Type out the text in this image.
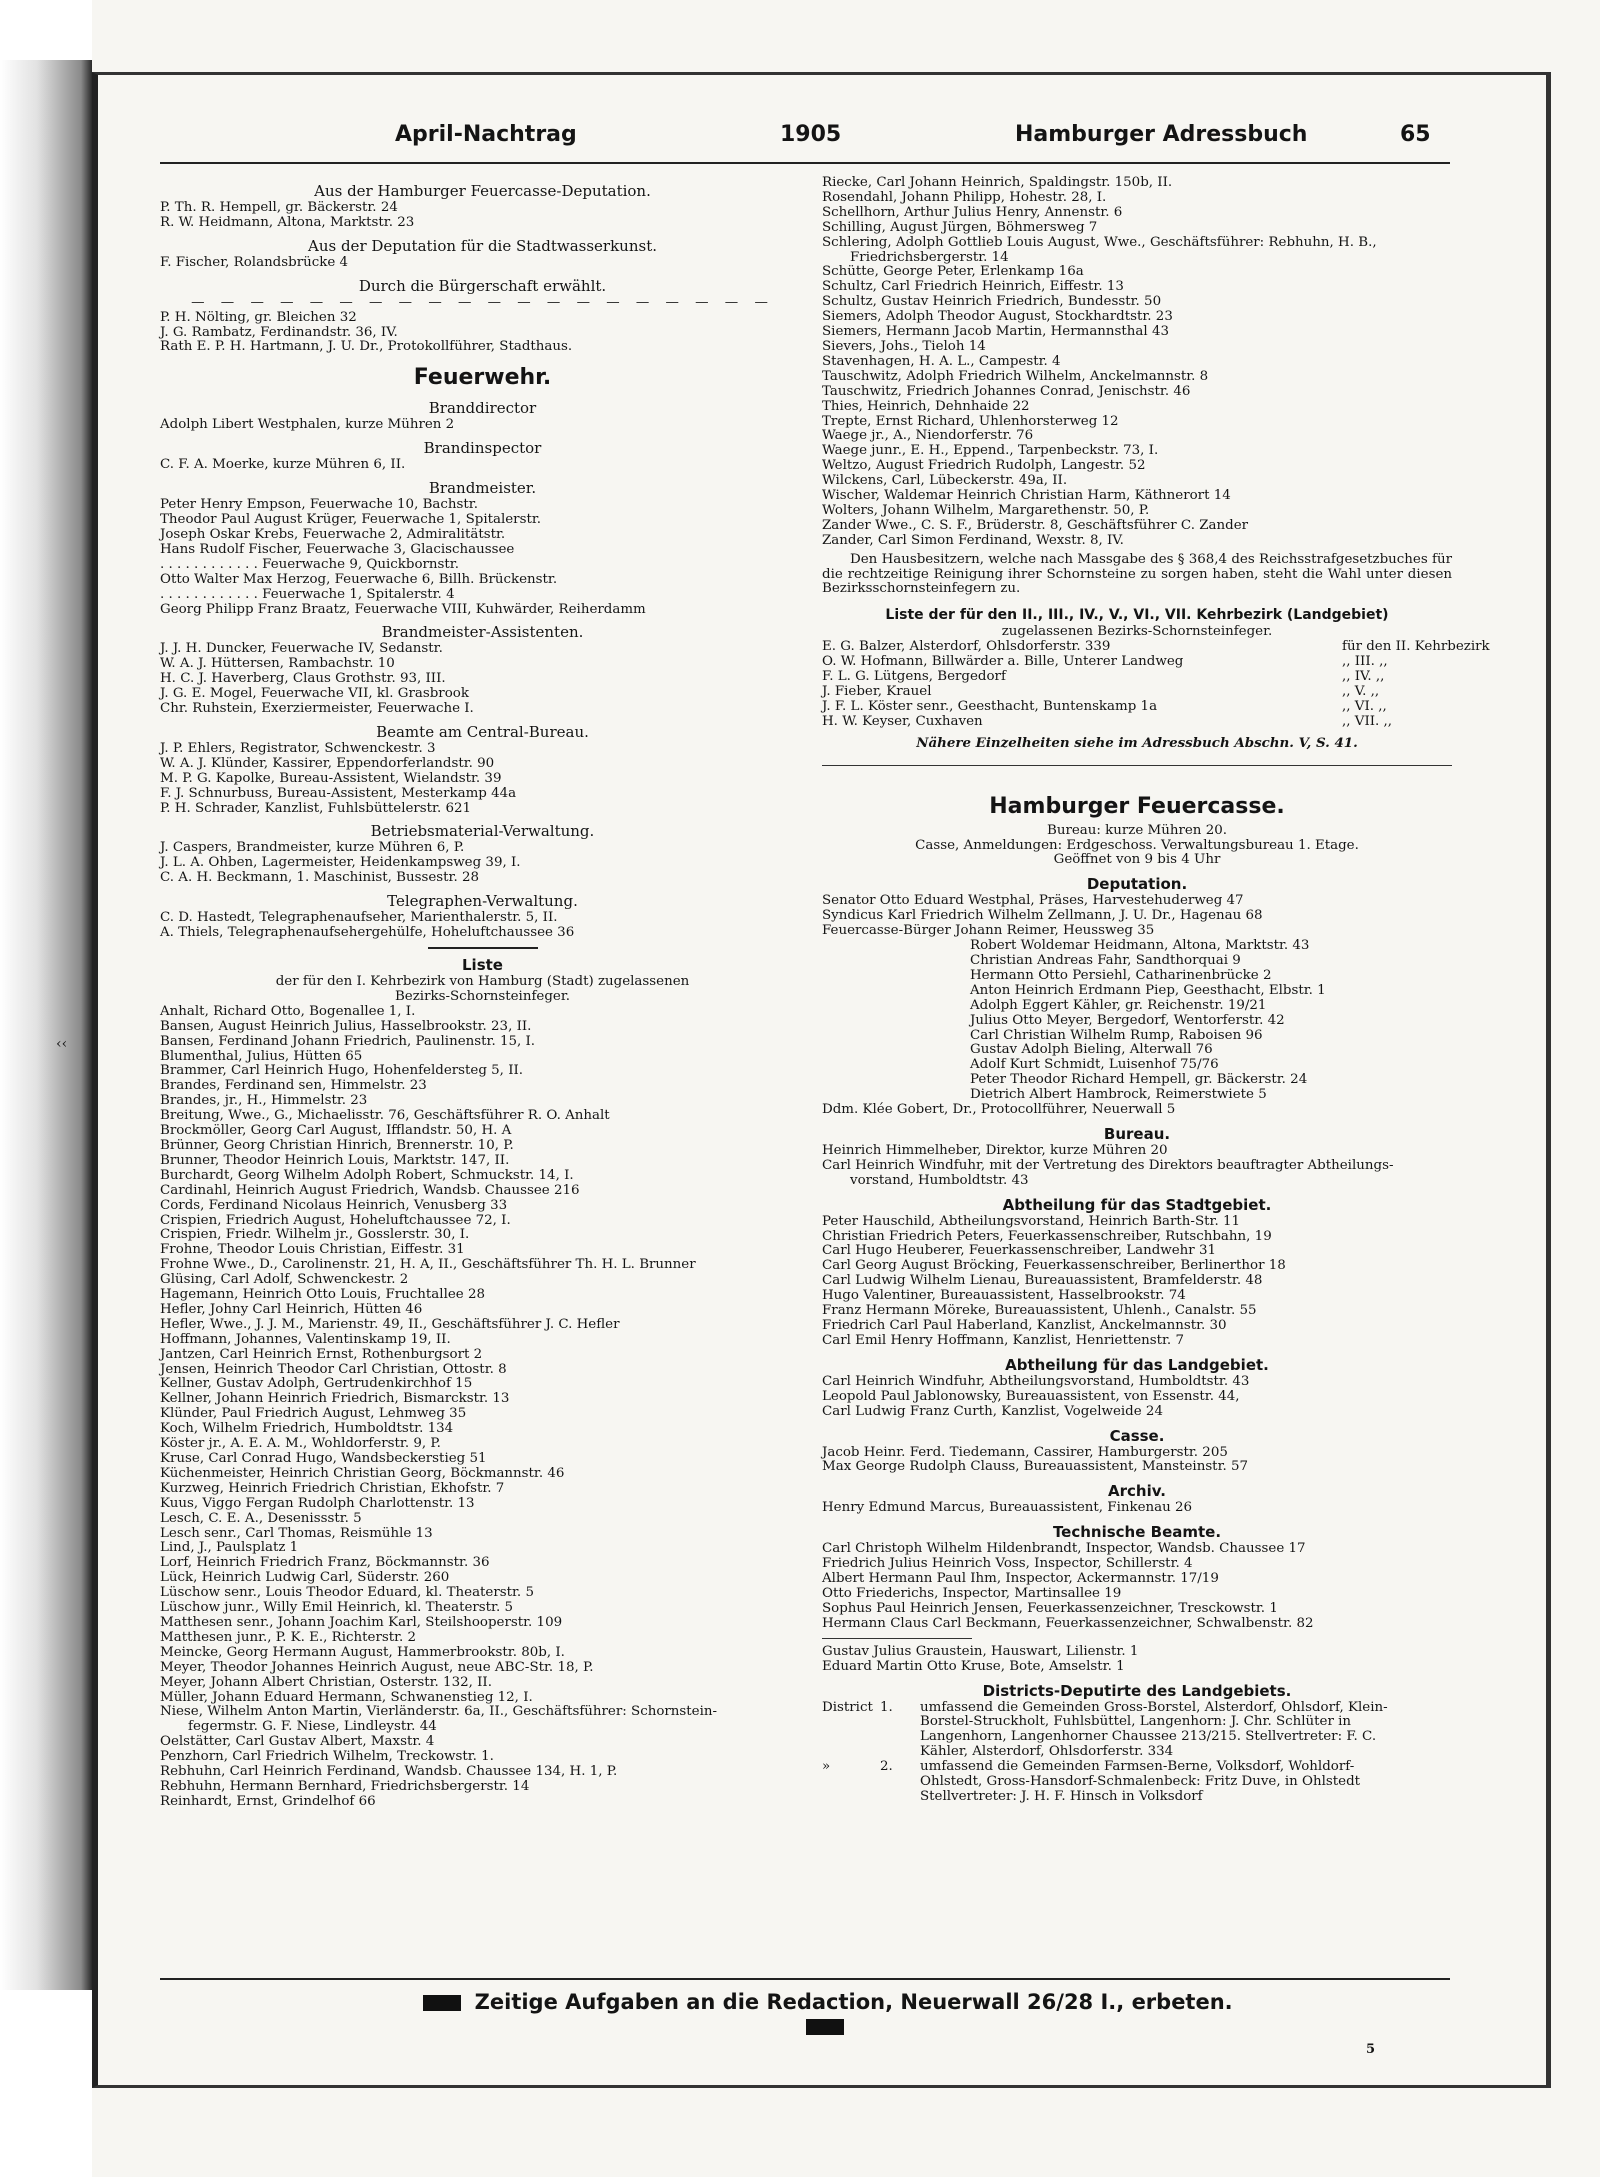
‹‹
April-Nachtrag	1905	Hamburger Adressbuch	65
Aus der Hamburger Feuercasse-Deputation.
P. Th. R. Hempell, gr. Bäckerstr. 24
R. W. Heidmann, Altona, Marktstr. 23
Aus der Deputation für die Stadtwasserkunst.
F. Fischer, Rolandsbrücke 4
Durch die Bürgerschaft erwählt.
— — — — — — — — — — — — — — — — — — — —
P. H. Nölting, gr. Bleichen 32
J. G. Rambatz, Ferdinandstr. 36, IV.
Rath E. P. H. Hartmann, J. U. Dr., Protokollführer, Stadthaus.
Feuerwehr.
Branddirector
Adolph Libert Westphalen, kurze Mühren 2
Brandinspector
C. F. A. Moerke, kurze Mühren 6, II.
Brandmeister.
Peter Henry Empson, Feuerwache 10, Bachstr.
Theodor Paul August Krüger, Feuerwache 1, Spitalerstr.
Joseph Oskar Krebs, Feuerwache 2, Admiralitätstr.
Hans Rudolf Fischer, Feuerwache 3, Glacischaussee
. . . . . . . . . . . . Feuerwache 9, Quickbornstr.
Otto Walter Max Herzog, Feuerwache 6, Billh. Brückenstr.
. . . . . . . . . . . . Feuerwache 1, Spitalerstr. 4
Georg Philipp Franz Braatz, Feuerwache VIII, Kuhwärder, Reiherdamm
Brandmeister-Assistenten.
J. J. H. Duncker, Feuerwache IV, Sedanstr.
W. A. J. Hüttersen, Rambachstr. 10
H. C. J. Haverberg, Claus Grothstr. 93, III.
J. G. E. Mogel, Feuerwache VII, kl. Grasbrook
Chr. Ruhstein, Exerziermeister, Feuerwache I.
Beamte am Central-Bureau.
J. P. Ehlers, Registrator, Schwenckestr. 3
W. A. J. Klünder, Kassirer, Eppendorferlandstr. 90
M. P. G. Kapolke, Bureau-Assistent, Wielandstr. 39
F. J. Schnurbuss, Bureau-Assistent, Mesterkamp 44a
P. H. Schrader, Kanzlist, Fuhlsbüttelerstr. 621
Betriebsmaterial-Verwaltung.
J. Caspers, Brandmeister, kurze Mühren 6, P.
J. L. A. Ohben, Lagermeister, Heidenkampsweg 39, I.
C. A. H. Beckmann, 1. Maschinist, Bussestr. 28
Telegraphen-Verwaltung.
C. D. Hastedt, Telegraphenaufseher, Marienthalerstr. 5, II.
A. Thiels, Telegraphenaufsehergehülfe, Hoheluftchaussee 36
Liste
der für den I. Kehrbezirk von Hamburg (Stadt) zugelassenen
Bezirks-Schornsteinfeger.
Anhalt, Richard Otto, Bogenallee 1, I.
Bansen, August Heinrich Julius, Hasselbrookstr. 23, II.
Bansen, Ferdinand Johann Friedrich, Paulinenstr. 15, I.
Blumenthal, Julius, Hütten 65
Brammer, Carl Heinrich Hugo, Hohenfeldersteg 5, II.
Brandes, Ferdinand sen, Himmelstr. 23
Brandes, jr., H., Himmelstr. 23
Breitung, Wwe., G., Michaelisstr. 76, Geschäftsführer R. O. Anhalt
Brockmöller, Georg Carl August, Ifflandstr. 50, H. A
Brünner, Georg Christian Hinrich, Brennerstr. 10, P.
Brunner, Theodor Heinrich Louis, Marktstr. 147, II.
Burchardt, Georg Wilhelm Adolph Robert, Schmuckstr. 14, I.
Cardinahl, Heinrich August Friedrich, Wandsb. Chaussee 216
Cords, Ferdinand Nicolaus Heinrich, Venusberg 33
Crispien, Friedrich August, Hoheluftchaussee 72, I.
Crispien, Friedr. Wilhelm jr., Gosslerstr. 30, I.
Frohne, Theodor Louis Christian, Eiffestr. 31
Frohne Wwe., D., Carolinenstr. 21, H. A, II., Geschäftsführer Th. H. L. Brunner
Glüsing, Carl Adolf, Schwenckestr. 2
Hagemann, Heinrich Otto Louis, Fruchtallee 28
Hefler, Johny Carl Heinrich, Hütten 46
Hefler, Wwe., J. J. M., Marienstr. 49, II., Geschäftsführer J. C. Hefler
Hoffmann, Johannes, Valentinskamp 19, II.
Jantzen, Carl Heinrich Ernst, Rothenburgsort 2
Jensen, Heinrich Theodor Carl Christian, Ottostr. 8
Kellner, Gustav Adolph, Gertrudenkirchhof 15
Kellner, Johann Heinrich Friedrich, Bismarckstr. 13
Klünder, Paul Friedrich August, Lehmweg 35
Koch, Wilhelm Friedrich, Humboldtstr. 134
Köster jr., A. E. A. M., Wohldorferstr. 9, P.
Kruse, Carl Conrad Hugo, Wandsbeckerstieg 51
Küchenmeister, Heinrich Christian Georg, Böckmannstr. 46
Kurzweg, Heinrich Friedrich Christian, Ekhofstr. 7
Kuus, Viggo Fergan Rudolph Charlottenstr. 13
Lesch, C. E. A., Desenissstr. 5
Lesch senr., Carl Thomas, Reismühle 13
Lind, J., Paulsplatz 1
Lorf, Heinrich Friedrich Franz, Böckmannstr. 36
Lück, Heinrich Ludwig Carl, Süderstr. 260
Lüschow senr., Louis Theodor Eduard, kl. Theaterstr. 5
Lüschow junr., Willy Emil Heinrich, kl. Theaterstr. 5
Matthesen senr., Johann Joachim Karl, Steilshooperstr. 109
Matthesen junr., P. K. E., Richterstr. 2
Meincke, Georg Hermann August, Hammerbrookstr. 80b, I.
Meyer, Theodor Johannes Heinrich August, neue ABC-Str. 18, P.
Meyer, Johann Albert Christian, Osterstr. 132, II.
Müller, Johann Eduard Hermann, Schwanenstieg 12, I.
Niese, Wilhelm Anton Martin, Vierländerstr. 6a, II., Geschäftsführer: Schornstein-
fegermstr. G. F. Niese, Lindleystr. 44
Oelstätter, Carl Gustav Albert, Maxstr. 4
Penzhorn, Carl Friedrich Wilhelm, Treckowstr. 1.
Rebhuhn, Carl Heinrich Ferdinand, Wandsb. Chaussee 134, H. 1, P.
Rebhuhn, Hermann Bernhard, Friedrichsbergerstr. 14
Reinhardt, Ernst, Grindelhof 66
Riecke, Carl Johann Heinrich, Spaldingstr. 150b, II.
Rosendahl, Johann Philipp, Hohestr. 28, I.
Schellhorn, Arthur Julius Henry, Annenstr. 6
Schilling, August Jürgen, Böhmersweg 7
Schlering, Adolph Gottlieb Louis August, Wwe., Geschäftsführer: Rebhuhn, H. B.,
Friedrichsbergerstr. 14
Schütte, George Peter, Erlenkamp 16a
Schultz, Carl Friedrich Heinrich, Eiffestr. 13
Schultz, Gustav Heinrich Friedrich, Bundesstr. 50
Siemers, Adolph Theodor August, Stockhardtstr. 23
Siemers, Hermann Jacob Martin, Hermannsthal 43
Sievers, Johs., Tieloh 14
Stavenhagen, H. A. L., Campestr. 4
Tauschwitz, Adolph Friedrich Wilhelm, Anckelmannstr. 8
Tauschwitz, Friedrich Johannes Conrad, Jenischstr. 46
Thies, Heinrich, Dehnhaide 22
Trepte, Ernst Richard, Uhlenhorsterweg 12
Waege jr., A., Niendorferstr. 76
Waege junr., E. H., Eppend., Tarpenbeckstr. 73, I.
Weltzo, August Friedrich Rudolph, Langestr. 52
Wilckens, Carl, Lübeckerstr. 49a, II.
Wischer, Waldemar Heinrich Christian Harm, Käthnerort 14
Wolters, Johann Wilhelm, Margarethenstr. 50, P.
Zander Wwe., C. S. F., Brüderstr. 8, Geschäftsführer C. Zander
Zander, Carl Simon Ferdinand, Wexstr. 8, IV.
Den Hausbesitzern, welche nach Massgabe des § 368,4 des Reichsstrafgesetzbuches für die rechtzeitige Reinigung ihrer Schornsteine zu sorgen haben, steht die Wahl unter diesen Bezirksschornsteinfegern zu.
Liste der für den II., III., IV., V., VI., VII. Kehrbezirk (Landgebiet)
zugelassenen Bezirks-Schornsteinfeger.
E. G. Balzer, Alsterdorf, Ohlsdorferstr. 339	für den II. Kehrbezirk
O. W. Hofmann, Billwärder a. Bille, Unterer Landweg	,, III. ,,
F. L. G. Lütgens, Bergedorf	,, IV. ,,
J. Fieber, Krauel	,, V. ,,
J. F. L. Köster senr., Geesthacht, Buntenskamp 1a	,, VI. ,,
H. W. Keyser, Cuxhaven	,, VII. ,,
Nähere Einzelheiten siehe im Adressbuch Abschn. V, S. 41.
Hamburger Feuercasse.
Bureau: kurze Mühren 20.
Casse, Anmeldungen: Erdgeschoss. Verwaltungsbureau 1. Etage.
Geöffnet von 9 bis 4 Uhr
Deputation.
Senator Otto Eduard Westphal, Präses, Harvestehuderweg 47
Syndicus Karl Friedrich Wilhelm Zellmann, J. U. Dr., Hagenau 68
Feuercasse-Bürger Johann Reimer, Heussweg 35
Robert Woldemar Heidmann, Altona, Marktstr. 43
Christian Andreas Fahr, Sandthorquai 9
Hermann Otto Persiehl, Catharinenbrücke 2
Anton Heinrich Erdmann Piep, Geesthacht, Elbstr. 1
Adolph Eggert Kähler, gr. Reichenstr. 19/21
Julius Otto Meyer, Bergedorf, Wentorferstr. 42
Carl Christian Wilhelm Rump, Raboisen 96
Gustav Adolph Bieling, Alterwall 76
Adolf Kurt Schmidt, Luisenhof 75/76
Peter Theodor Richard Hempell, gr. Bäckerstr. 24
Dietrich Albert Hambrock, Reimerstwiete 5
Ddm. Klée Gobert, Dr., Protocollführer, Neuerwall 5
Bureau.
Heinrich Himmelheber, Direktor, kurze Mühren 20
Carl Heinrich Windfuhr, mit der Vertretung des Direktors beauftragter Abtheilungs-
vorstand, Humboldtstr. 43
Abtheilung für das Stadtgebiet.
Peter Hauschild, Abtheilungsvorstand, Heinrich Barth-Str. 11
Christian Friedrich Peters, Feuerkassenschreiber, Rutschbahn, 19
Carl Hugo Heuberer, Feuerkassenschreiber, Landwehr 31
Carl Georg August Bröcking, Feuerkassenschreiber, Berlinerthor 18
Carl Ludwig Wilhelm Lienau, Bureauassistent, Bramfelderstr. 48
Hugo Valentiner, Bureauassistent, Hasselbrookstr. 74
Franz Hermann Möreke, Bureauassistent, Uhlenh., Canalstr. 55
Friedrich Carl Paul Haberland, Kanzlist, Anckelmannstr. 30
Carl Emil Henry Hoffmann, Kanzlist, Henriettenstr. 7
Abtheilung für das Landgebiet.
Carl Heinrich Windfuhr, Abtheilungsvorstand, Humboldtstr. 43
Leopold Paul Jablonowsky, Bureauassistent, von Essenstr. 44,
Carl Ludwig Franz Curth, Kanzlist, Vogelweide 24
Casse.
Jacob Heinr. Ferd. Tiedemann, Cassirer, Hamburgerstr. 205
Max George Rudolph Clauss, Bureauassistent, Mansteinstr. 57
Archiv.
Henry Edmund Marcus, Bureauassistent, Finkenau 26
Technische Beamte.
Carl Christoph Wilhelm Hildenbrandt, Inspector, Wandsb. Chaussee 17
Friedrich Julius Heinrich Voss, Inspector, Schillerstr. 4
Albert Hermann Paul Ihm, Inspector, Ackermannstr. 17/19
Otto Friederichs, Inspector, Martinsallee 19
Sophus Paul Heinrich Jensen, Feuerkassenzeichner, Tresckowstr. 1
Hermann Claus Carl Beckmann, Feuerkassenzeichner, Schwalbenstr. 82
Gustav Julius Graustein, Hauswart, Lilienstr. 1
Eduard Martin Otto Kruse, Bote, Amselstr. 1
Districts-Deputirte des Landgebiets.
District 1.	umfassend die Gemeinden Gross-Borstel, Alsterdorf, Ohlsdorf, Klein-
Borstel-Struckholt, Fuhlsbüttel, Langenhorn: J. Chr. Schlüter in
Langenhorn, Langenhorner Chaussee 213/215. Stellvertreter: F. C.
Kähler, Alsterdorf, Ohlsdorferstr. 334
»	2.	umfassend die Gemeinden Farmsen-Berne, Volksdorf, Wohldorf-
Ohlstedt, Gross-Hansdorf-Schmalenbeck: Fritz Duve, in Ohlstedt
Stellvertreter: J. H. F. Hinsch in Volksdorf
Zeitige Aufgaben an die Redaction, Neuerwall 26/28 I., erbeten.
5
